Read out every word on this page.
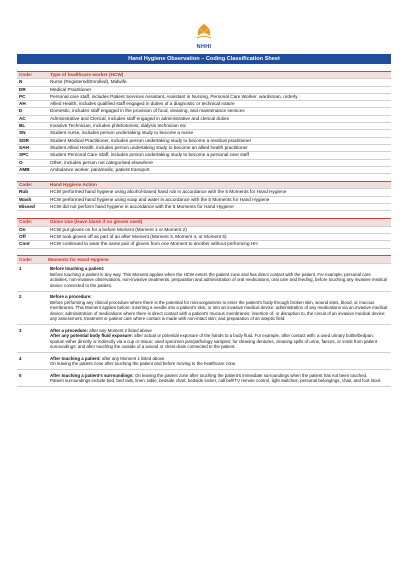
NHHI
Hand Hygiene Observation – Coding Classification Sheet
Code:	Type of healthcare worker (HCW)
N	Nurse (Registered/Enrolled), Midwife
DR	Medical Practitioner
PC	Personal care staff, includes Patient Services Assistant, Assistant in Nursing, Personal Care Worker, wardsman, orderly
AH	Allied Health, includes qualified staff engaged in duties of a diagnostic or technical nature
D	Domestic, includes staff engaged in the provision of food, cleaning, and maintenance services
AC	Administrative and Clerical, includes staff engaged in administrative and clerical duties
BL	Invasive Technician, includes phlebotomist, dialysis technician etc
SN	Student nurse, includes person undertaking study to become a nurse
SDR	Student Medical Practitioner, includes person undertaking study to become a medical practitioner
SAH	Student Allied Health, includes person undertaking study to become an allied health practitioner
SPC	Student Personal Care Staff, includes person undertaking study to become a personal care staff
O	Other, includes person not categorised elsewhere
AMB	Ambulance worker, paramedic, patient transport
Code:	Hand Hygiene Action
Rub	HCW performed hand hygiene using alcohol-based hand rub in accordance with the 5 Moments for Hand Hygiene
Wash	HCW performed hand hygiene using soap and water in accordance with the 5 Moments for Hand Hygiene
Missed	HCW did not perform hand hygiene in accordance with the 5 Moments for Hand Hygiene
Code:	Glove Use (leave blank if no gloves used)
On	HCW put gloves on for a before Moment (Moment 1 or Moment 2)
Off	HCW took gloves off as part of an after Moment (Moment 3, Moment 4, or Moment 5)
Cont	HCW continued to wear the same pair of gloves from one Moment to another without performing HH
Code:	Moments for Hand Hygiene
1	Before touching a patient:
Before touching a patient in any way. This Moment applies when the HCW enters the patient zone and has direct contact with the patient. For example, personal care activities, non-invasive observations, non-invasive treatments, preparation and administration of oral medications, oral care and feeding, before touching any invasive medical device connected to the patient.
2	Before a procedure:
Before performing any clinical procedure where there is the potential for microorganisms to enter the patient's body through broken skin, wound sites, blood, or mucous membranes. This Moment applies before: inserting a needle into a patient's skin, or into an invasive medical device; administration of any medications via an invasive medical device; administration of medications where there is direct contact with a patient's mucous membranes; insertion of, or disruption to, the circuit of an invasive medical device; any assessment, treatment or patient care where contact is made with non-intact skin; and preparation of an aseptic field.
3	After a procedure: after any Moment 2 listed above
After any potential body fluid exposure: after actual or potential exposure of the hands to a body fluid. For example, after contact with: a used urinary bottle/bedpan; sputum either directly or indirectly via a cup or tissue; used specimen jars/pathology samples; for cleaning dentures, cleaning spills of urine, faeces, or vomit from patient surroundings; and after touching the outside of a wound or chest drain connected to the patient.
4	After touching a patient: after any Moment 1 listed above
On leaving the patient zone after touching the patient and before moving to the healthcare zone.
5	After touching a patient's surroundings: On leaving the patient zone after touching the patient's immediate surroundings when the patient has not been touched.
Patient surroundings include bed, bed rails, linen, table, bedside chart, bedside locker, call bell/TV remote control, light switches, personal belongings, chair, and foot stool.
